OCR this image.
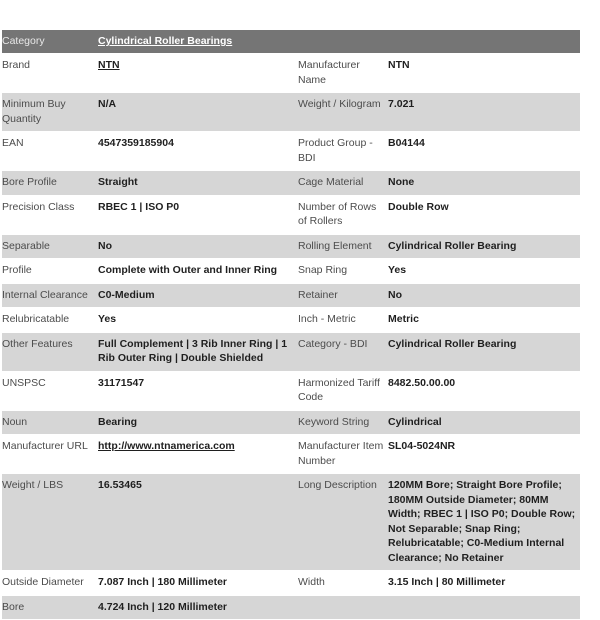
Category	Cylindrical Roller Bearings		
Brand	NTN	Manufacturer Name	NTN
Minimum Buy Quantity	N/A	Weight / Kilogram	7.021
EAN	4547359185904	Product Group - BDI	B04144
Bore Profile	Straight	Cage Material	None
Precision Class	RBEC 1 | ISO P0	Number of Rows of Rollers	Double Row
Separable	No	Rolling Element	Cylindrical Roller Bearing
Profile	Complete with Outer and Inner Ring	Snap Ring	Yes
Internal Clearance	C0-Medium	Retainer	No
Relubricatable	Yes	Inch - Metric	Metric
Other Features	Full Complement | 3 Rib Inner Ring | 1 Rib Outer Ring | Double Shielded	Category - BDI	Cylindrical Roller Bearing
UNSPSC	31171547	Harmonized Tariff Code	8482.50.00.00
Noun	Bearing	Keyword String	Cylindrical
Manufacturer URL	http://www.ntnamerica.com	Manufacturer Item Number	SL04-5024NR
Weight / LBS	16.53465	Long Description	120MM Bore; Straight Bore Profile; 180MM Outside Diameter; 80MM Width; RBEC 1 | ISO P0; Double Row; Not Separable; Snap Ring; Relubricatable; C0-Medium Internal Clearance; No Retainer
Outside Diameter	7.087 Inch | 180 Millimeter	Width	3.15 Inch | 80 Millimeter
Bore	4.724 Inch | 120 Millimeter		
